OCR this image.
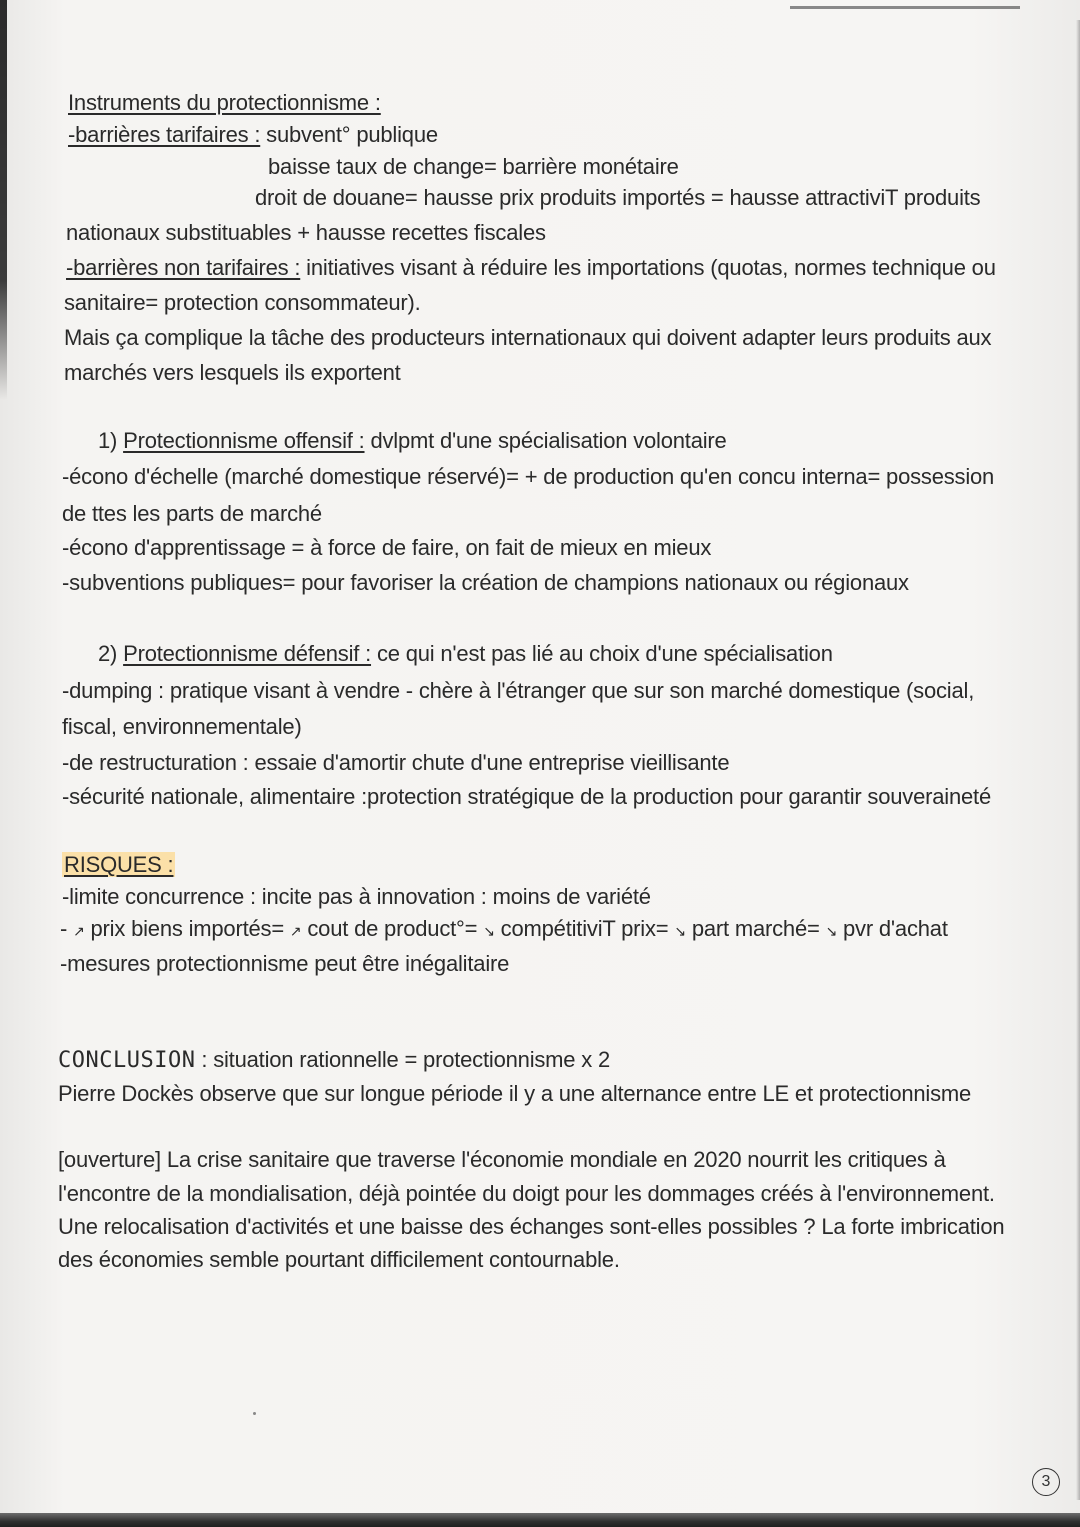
Instruments du protectionnisme :
-barrières tarifaires : subvent° publique
baisse taux de change= barrière monétaire
droit de douane= hausse prix produits importés = hausse attractiviT produits
nationaux substituables + hausse recettes fiscales
-barrières non tarifaires : initiatives visant à réduire les importations (quotas, normes technique ou
sanitaire= protection consommateur).
Mais ça complique la tâche des producteurs internationaux qui doivent adapter leurs produits aux
marchés vers lesquels ils exportent
1) Protectionnisme offensif : dvlpmt d'une spécialisation volontaire
-écono d'échelle (marché domestique réservé)= + de production qu'en concu interna= possession
de ttes les parts de marché
-écono d'apprentissage = à force de faire, on fait de mieux en mieux
-subventions publiques= pour favoriser la création de champions nationaux ou régionaux
2) Protectionnisme défensif : ce qui n'est pas lié au choix d'une spécialisation
-dumping : pratique visant à vendre - chère à l'étranger que sur son marché domestique (social,
fiscal, environnementale)
-de restructuration : essaie d'amortir chute d'une entreprise vieillisante
-sécurité nationale, alimentaire :protection stratégique de la production pour garantir souveraineté
RISQUES :
-limite concurrence : incite pas à innovation : moins de variété
- ↗ prix biens importés= ↗ cout de product°= ↘ compétitiviT prix= ↘ part marché= ↘ pvr d'achat
-mesures protectionnisme peut être inégalitaire
CONCLUSION : situation rationnelle = protectionnisme x 2
Pierre Dockès observe que sur longue période il y a une alternance entre LE et protectionnisme
[ouverture] La crise sanitaire que traverse l'économie mondiale en 2020 nourrit les critiques à
l'encontre de la mondialisation, déjà pointée du doigt pour les dommages créés à l'environnement.
Une relocalisation d'activités et une baisse des échanges sont-elles possibles ? La forte imbrication
des économies semble pourtant difficilement contournable.
3
